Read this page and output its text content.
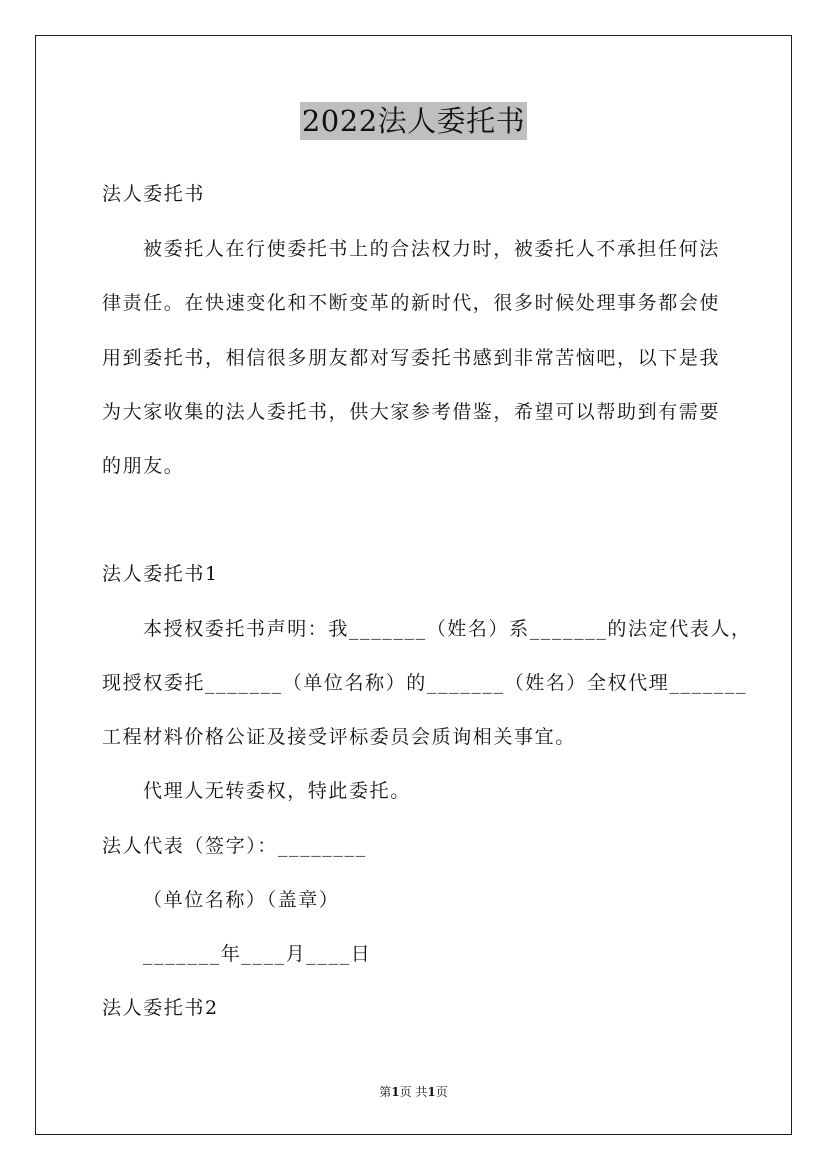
2022法人委托书
法人委托书
被委托人在行使委托书上的合法权力时，被委托人不承担任何法
律责任。在快速变化和不断变革的新时代，很多时候处理事务都会使
用到委托书，相信很多朋友都对写委托书感到非常苦恼吧，以下是我
为大家收集的法人委托书，供大家参考借鉴，希望可以帮助到有需要
的朋友。
法人委托书1
本授权委托书声明：我_______（姓名）系_______的法定代表人，
现授权委托_______（单位名称）的_______（姓名）全权代理_______
工程材料价格公证及接受评标委员会质询相关事宜。
代理人无转委权，特此委托。
法人代表（签字）：________
（单位名称）（盖章）
_______年____月____日
法人委托书2
第1页 共1页
